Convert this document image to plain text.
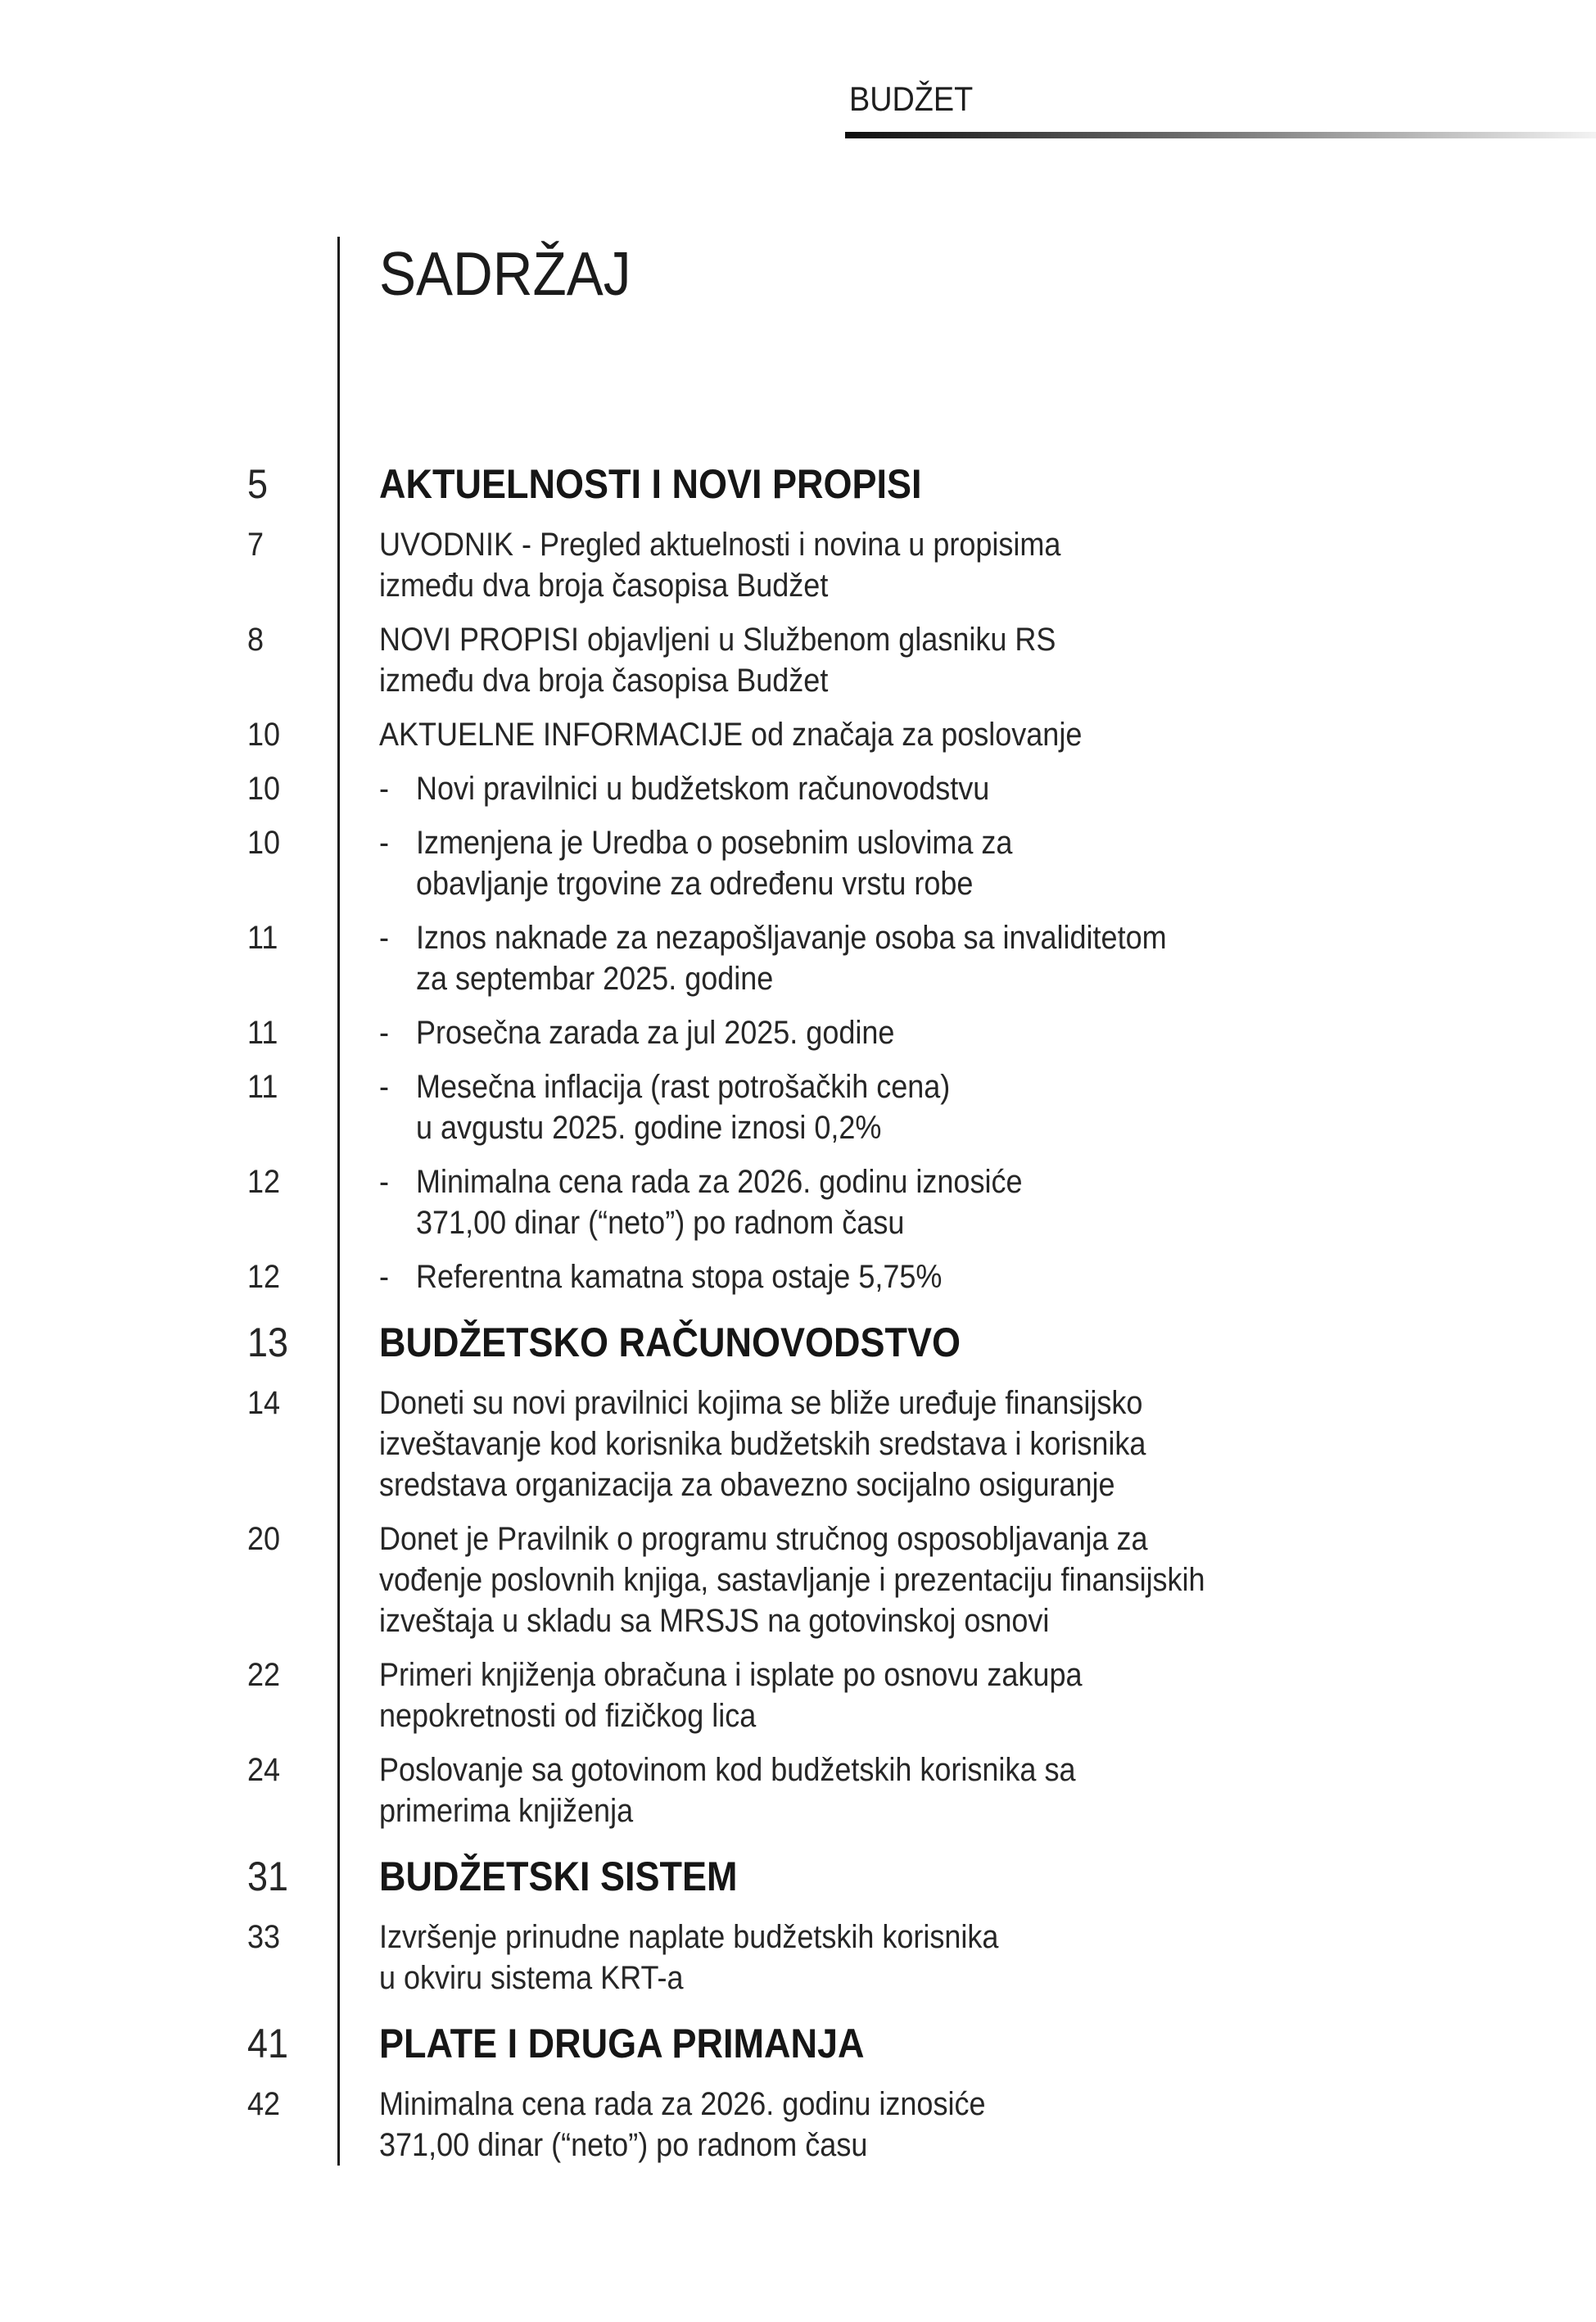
BUDŽET
SADRŽAJ
5	AKTUELNOSTI I NOVI PROPISI
7	UVODNIK - Pregled aktuelnosti i novina u propisima
između dva broja časopisa Budžet
8	NOVI PROPISI objavljeni u Službenom glasniku RS
između dva broja časopisa Budžet
10	AKTUELNE INFORMACIJE od značaja za poslovanje
10	- Novi pravilnici u budžetskom računovodstvu
10	- Izmenjena je Uredba o posebnim uslovima za
obavljanje trgovine za određenu vrstu robe
11	- Iznos naknade za nezapošljavanje osoba sa invaliditetom
za septembar 2025. godine
11	- Prosečna zarada za jul 2025. godine
11	- Mesečna inflacija (rast potrošačkih cena)
u avgustu 2025. godine iznosi 0,2%
12	- Minimalna cena rada za 2026. godinu iznosiće
371,00 dinar (“neto”) po radnom času
12	- Referentna kamatna stopa ostaje 5,75%
13	BUDŽETSKO RAČUNOVODSTVO
14	Doneti su novi pravilnici kojima se bliže uređuje finansijsko
izveštavanje kod korisnika budžetskih sredstava i korisnika
sredstava organizacija za obavezno socijalno osiguranje
20	Donet je Pravilnik o programu stručnog osposobljavanja za
vođenje poslovnih knjiga, sastavljanje i prezentaciju finansijskih
izveštaja u skladu sa MRSJS na gotovinskoj osnovi
22	Primeri knjiženja obračuna i isplate po osnovu zakupa
nepokretnosti od fizičkog lica
24	Poslovanje sa gotovinom kod budžetskih korisnika sa
primerima knjiženja
31	BUDŽETSKI SISTEM
33	Izvršenje prinudne naplate budžetskih korisnika
u okviru sistema KRT-a
41	PLATE I DRUGA PRIMANJA
42	Minimalna cena rada za 2026. godinu iznosiće
371,00 dinar (“neto”) po radnom času
